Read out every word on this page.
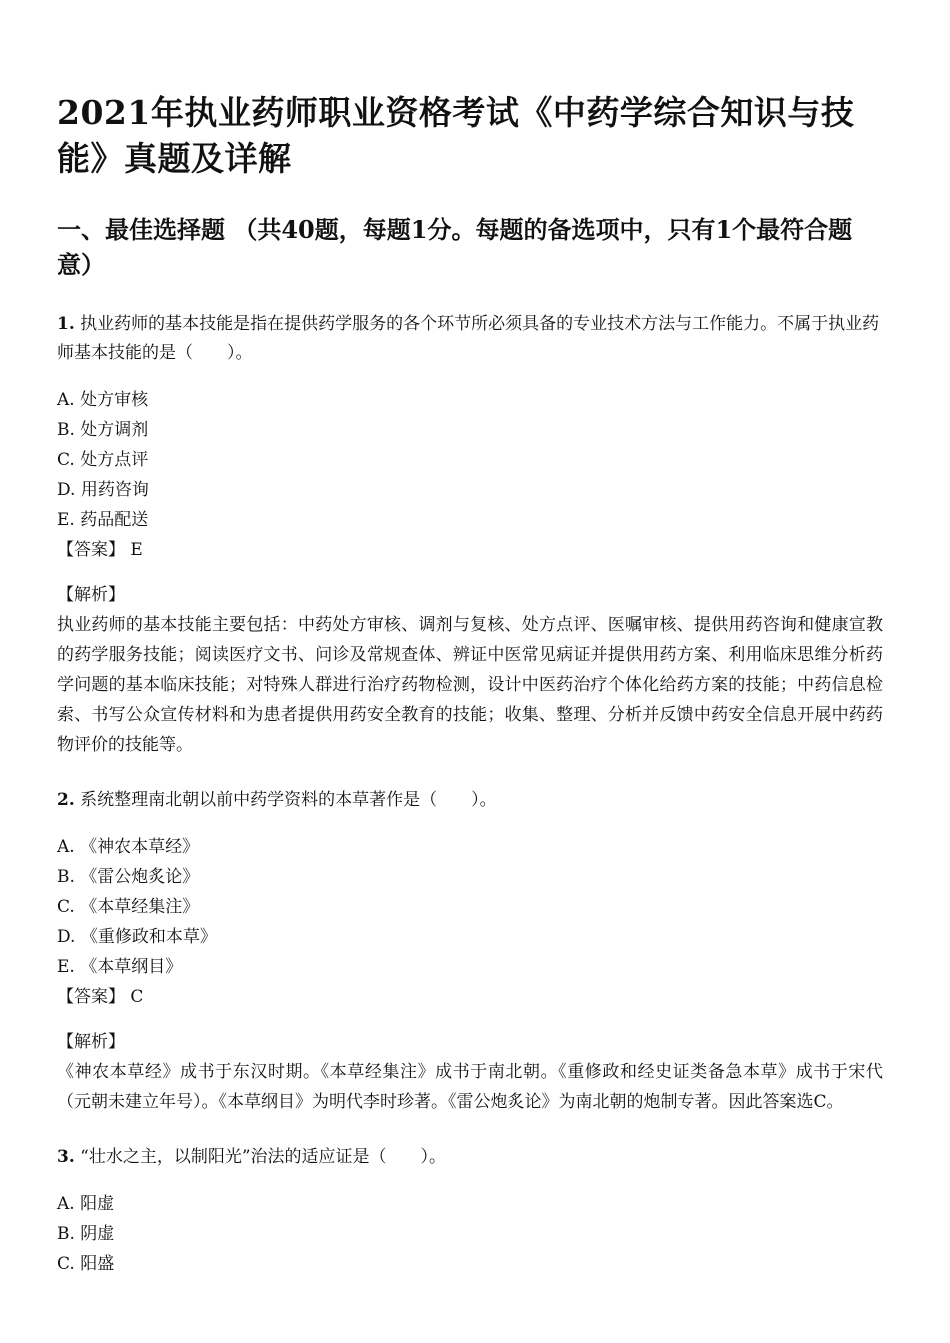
2021年执业药师职业资格考试《中药学综合知识与技能》真题及详解
一、最佳选择题 （共40题，每题1分。每题的备选项中，只有1个最符合题意）

1. 执业药师的基本技能是指在提供药学服务的各个环节所必须具备的专业技术方法与工作能力。不属于执业药师基本技能的是（　　）。

A. 处方审核
B. 处方调剂
C. 处方点评
D. 用药咨询
E. 药品配送

【答案】 E

【解析】

执业药师的基本技能主要包括：中药处方审核、调剂与复核、处方点评、医嘱审核、提供用药咨询和健康宣教的药学服务技能；阅读医疗文书、问诊及常规查体、辨证中医常见病证并提供用药方案、利用临床思维分析药学问题的基本临床技能；对特殊人群进行治疗药物检测，设计中医药治疗个体化给药方案的技能；中药信息检索、书写公众宣传材料和为患者提供用药安全教育的技能；收集、整理、分析并反馈中药安全信息开展中药药物评价的技能等。

2. 系统整理南北朝以前中药学资料的本草著作是（　　）。

A. 《神农本草经》
B. 《雷公炮炙论》
C. 《本草经集注》
D. 《重修政和本草》
E. 《本草纲目》

【答案】 C

【解析】

《神农本草经》成书于东汉时期。《本草经集注》成书于南北朝。《重修政和经史证类备急本草》成书于宋代（元朝未建立年号）。《本草纲目》为明代李时珍著。《雷公炮炙论》为南北朝的炮制专著。因此答案选C。

3. “壮水之主，以制阳光”治法的适应证是（　　）。

A. 阳虚
B. 阴虚
C. 阳盛
